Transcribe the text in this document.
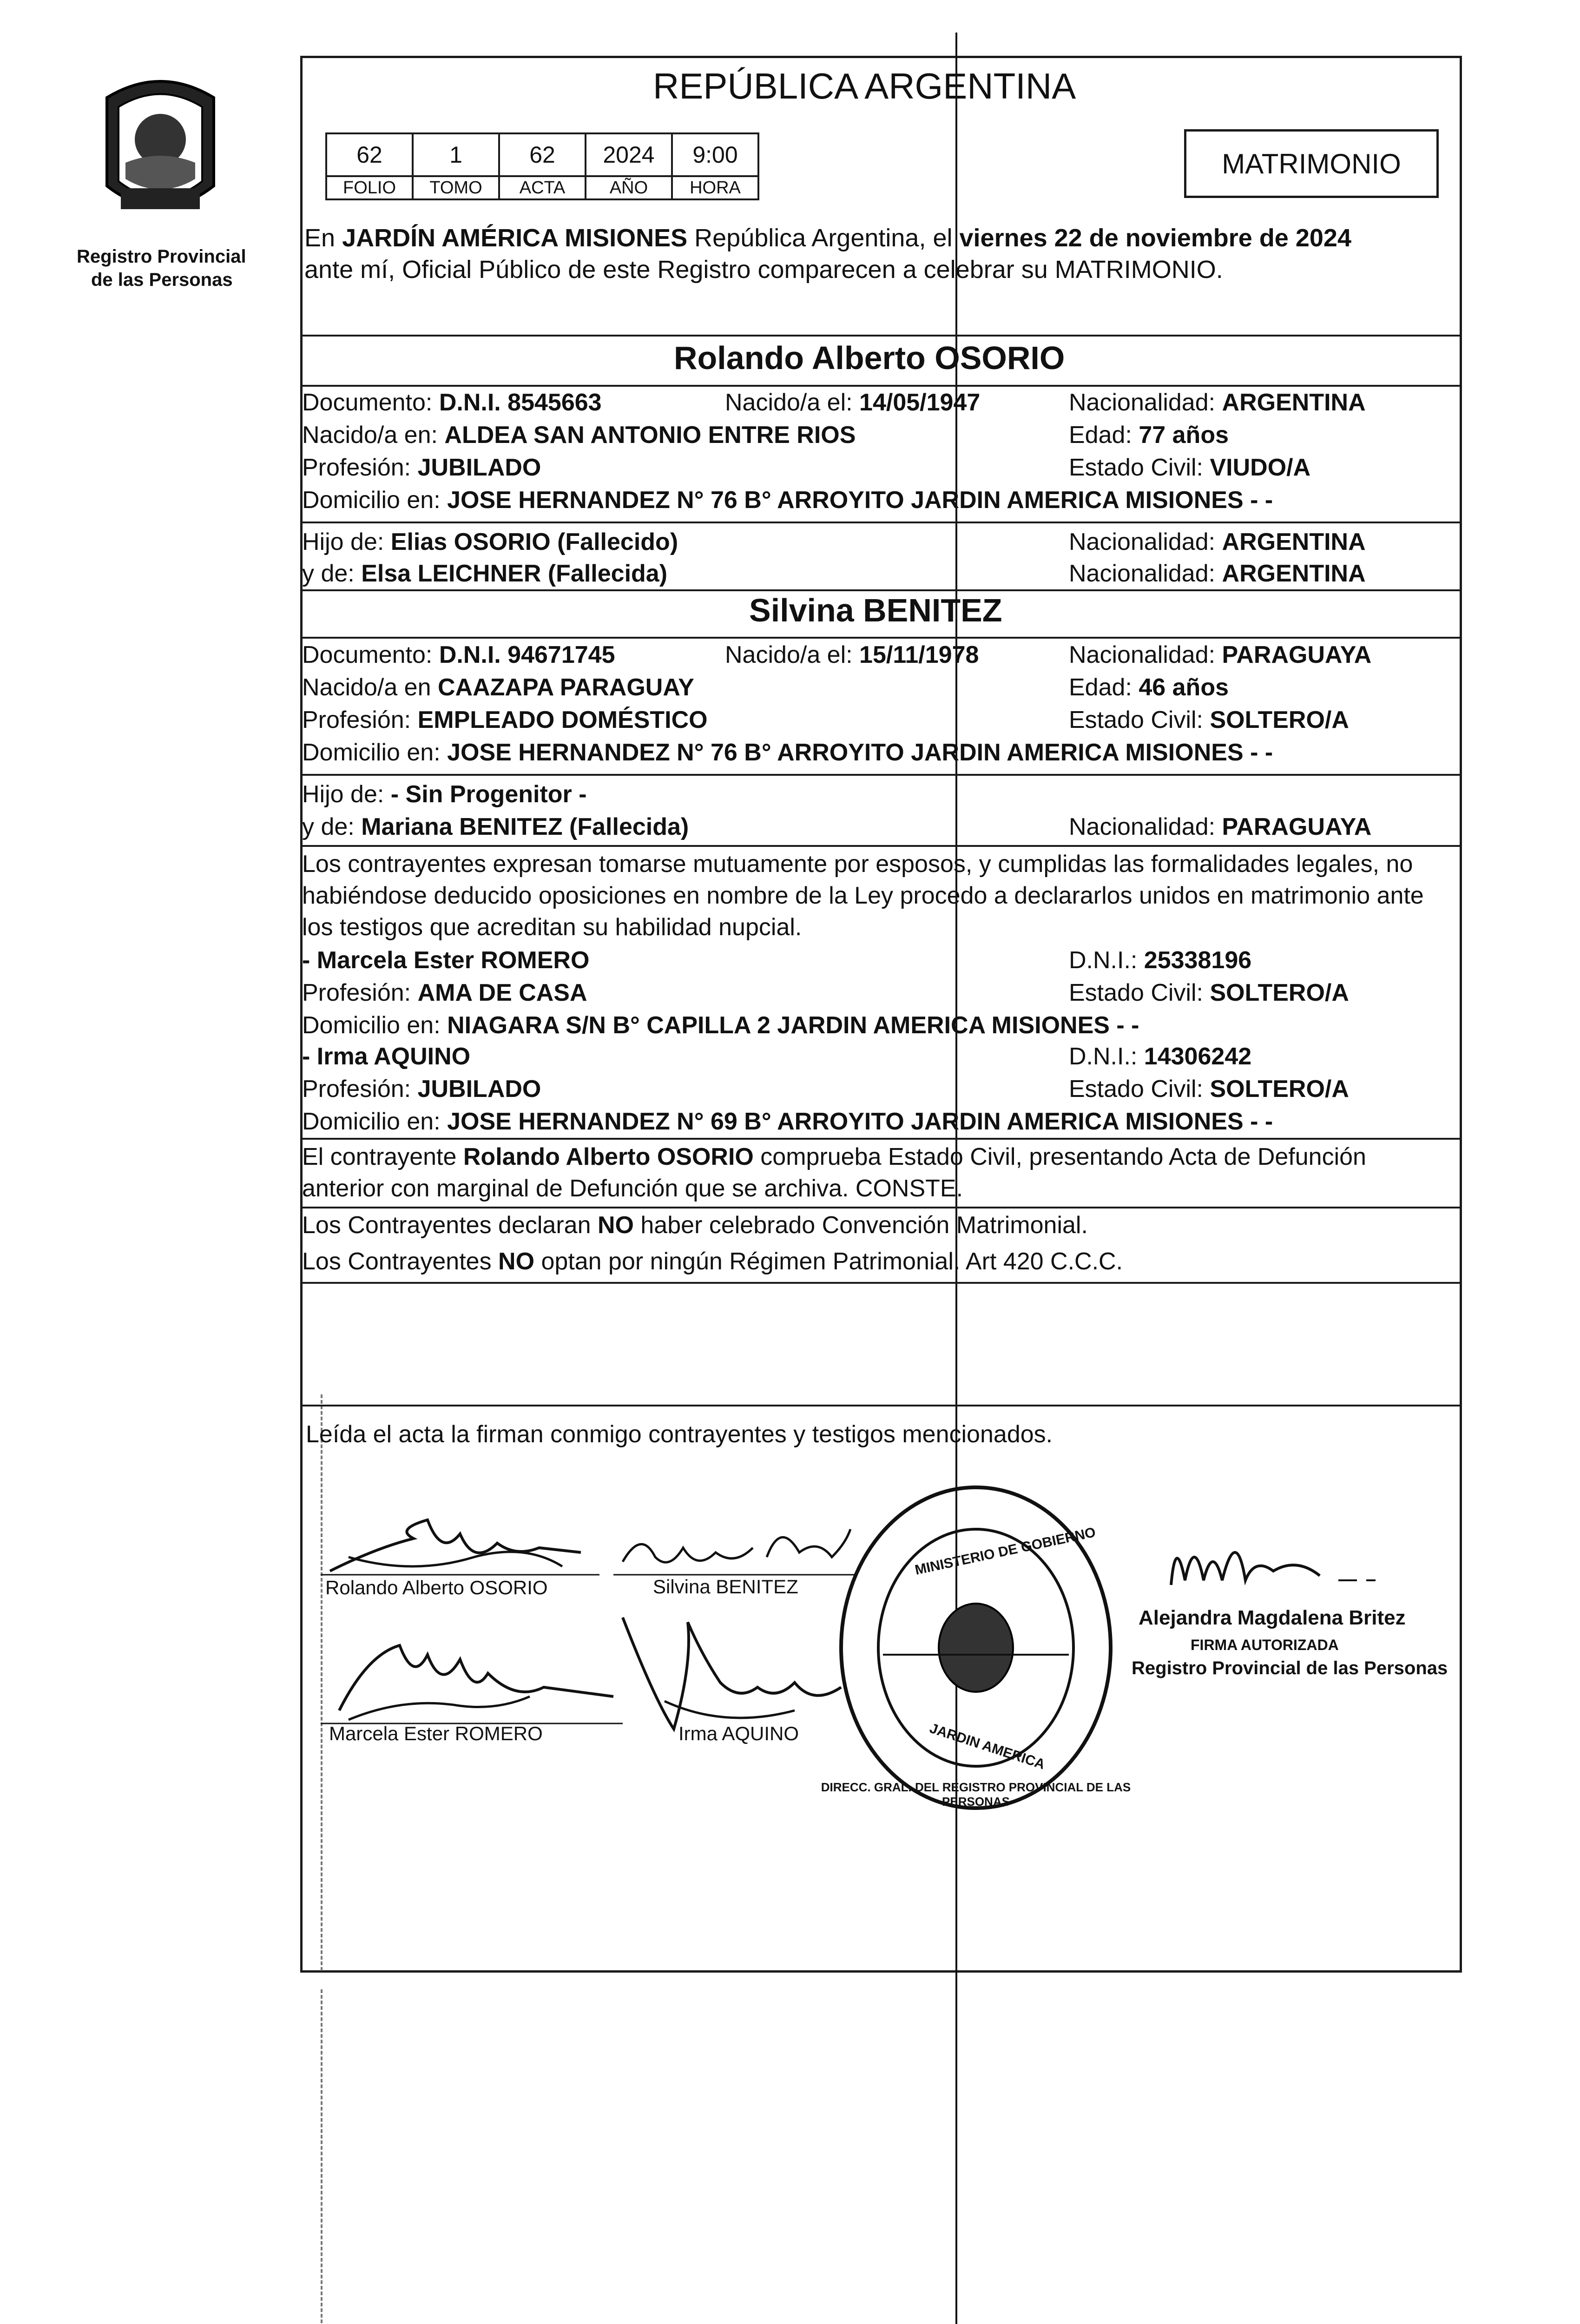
Registro Provincial
de las Personas
REPÚBLICA ARGENTINA
62	1	62	2024	9:00
FOLIO	TOMO	ACTA	AÑO	HORA
MATRIMONIO
En JARDÍN AMÉRICA MISIONES República Argentina, el viernes 22 de noviembre de 2024
ante mí, Oficial Público de este Registro comparecen a celebrar su MATRIMONIO.
Rolando Alberto OSORIO
Documento: D.N.I. 8545663	Nacido/a el: 14/05/1947	Nacionalidad: ARGENTINA
Nacido/a en: ALDEA SAN ANTONIO ENTRE RIOS	Edad: 77 años
Profesión: JUBILADO	Estado Civil: VIUDO/A
Domicilio en: JOSE HERNANDEZ N° 76 B° ARROYITO JARDIN AMERICA MISIONES - -
Hijo de: Elias OSORIO (Fallecido)	Nacionalidad: ARGENTINA
y de: Elsa LEICHNER (Fallecida)	Nacionalidad: ARGENTINA
Silvina BENITEZ
Documento: D.N.I. 94671745	Nacido/a el: 15/11/1978	Nacionalidad: PARAGUAYA
Nacido/a en CAAZAPA PARAGUAY	Edad: 46 años
Profesión: EMPLEADO DOMÉSTICO	Estado Civil: SOLTERO/A
Domicilio en: JOSE HERNANDEZ N° 76 B° ARROYITO JARDIN AMERICA MISIONES - -
Hijo de: - Sin Progenitor -
y de: Mariana BENITEZ (Fallecida)	Nacionalidad: PARAGUAYA
Los contrayentes expresan tomarse mutuamente por esposos, y cumplidas las formalidades legales, no
habiéndose deducido oposiciones en nombre de la Ley procedo a declararlos unidos en matrimonio ante
los testigos que acreditan su habilidad nupcial.
- Marcela Ester ROMERO	D.N.I.: 25338196
Profesión: AMA DE CASA	Estado Civil: SOLTERO/A
Domicilio en: NIAGARA S/N B° CAPILLA 2 JARDIN AMERICA MISIONES - -
- Irma AQUINO	D.N.I.: 14306242
Profesión: JUBILADO	Estado Civil: SOLTERO/A
Domicilio en: JOSE HERNANDEZ N° 69 B° ARROYITO JARDIN AMERICA MISIONES - -
El contrayente Rolando Alberto OSORIO comprueba Estado Civil, presentando Acta de Defunción
anterior con marginal de Defunción que se archiva. CONSTE.
Los Contrayentes declaran NO haber celebrado Convención Matrimonial.
Los Contrayentes NO optan por ningún Régimen Patrimonial. Art 420 C.C.C.
Leída el acta la firman conmigo contrayentes y testigos mencionados.
Rolando Alberto OSORIO	Silvina BENITEZ
Marcela Ester ROMERO	Irma AQUINO
MINISTERIO DE GOBIERNO
JARDIN AMERICA
DIRECC. GRAL. DEL REGISTRO PROVINCIAL DE LAS PERSONAS
Alejandra Magdalena Britez
FIRMA AUTORIZADA
Registro Provincial de las Personas
